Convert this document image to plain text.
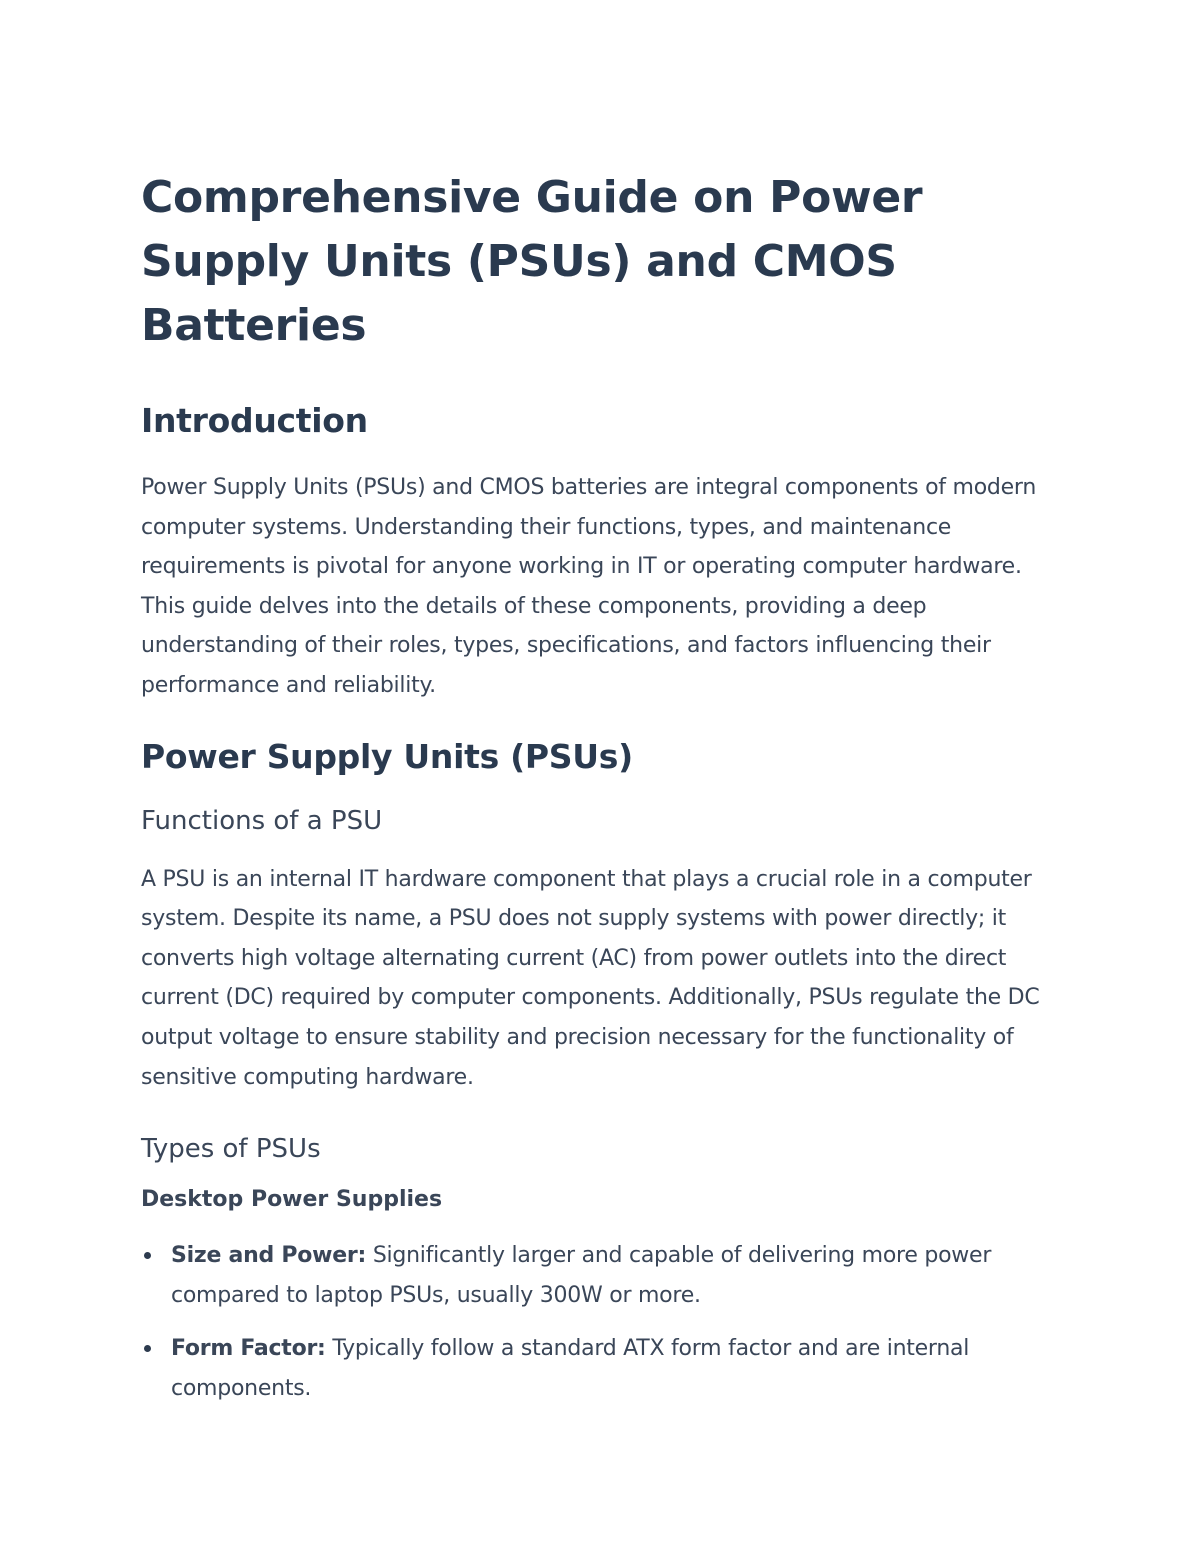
Comprehensive Guide on Power Supply Units (PSUs) and CMOS Batteries
Introduction

Power Supply Units (PSUs) and CMOS batteries are integral components of modern computer systems. Understanding their functions, types, and maintenance requirements is pivotal for anyone working in IT or operating computer hardware. This guide delves into the details of these components, providing a deep understanding of their roles, types, specifications, and factors influencing their performance and reliability.

Power Supply Units (PSUs)
Functions of a PSU

A PSU is an internal IT hardware component that plays a crucial role in a computer system. Despite its name, a PSU does not supply systems with power directly; it converts high voltage alternating current (AC) from power outlets into the direct current (DC) required by computer components. Additionally, PSUs regulate the DC output voltage to ensure stability and precision necessary for the functionality of sensitive computing hardware.

Types of PSUs
Desktop Power Supplies
Size and Power: Significantly larger and capable of delivering more power compared to laptop PSUs, usually 300W or more.
Form Factor: Typically follow a standard ATX form factor and are internal components.
